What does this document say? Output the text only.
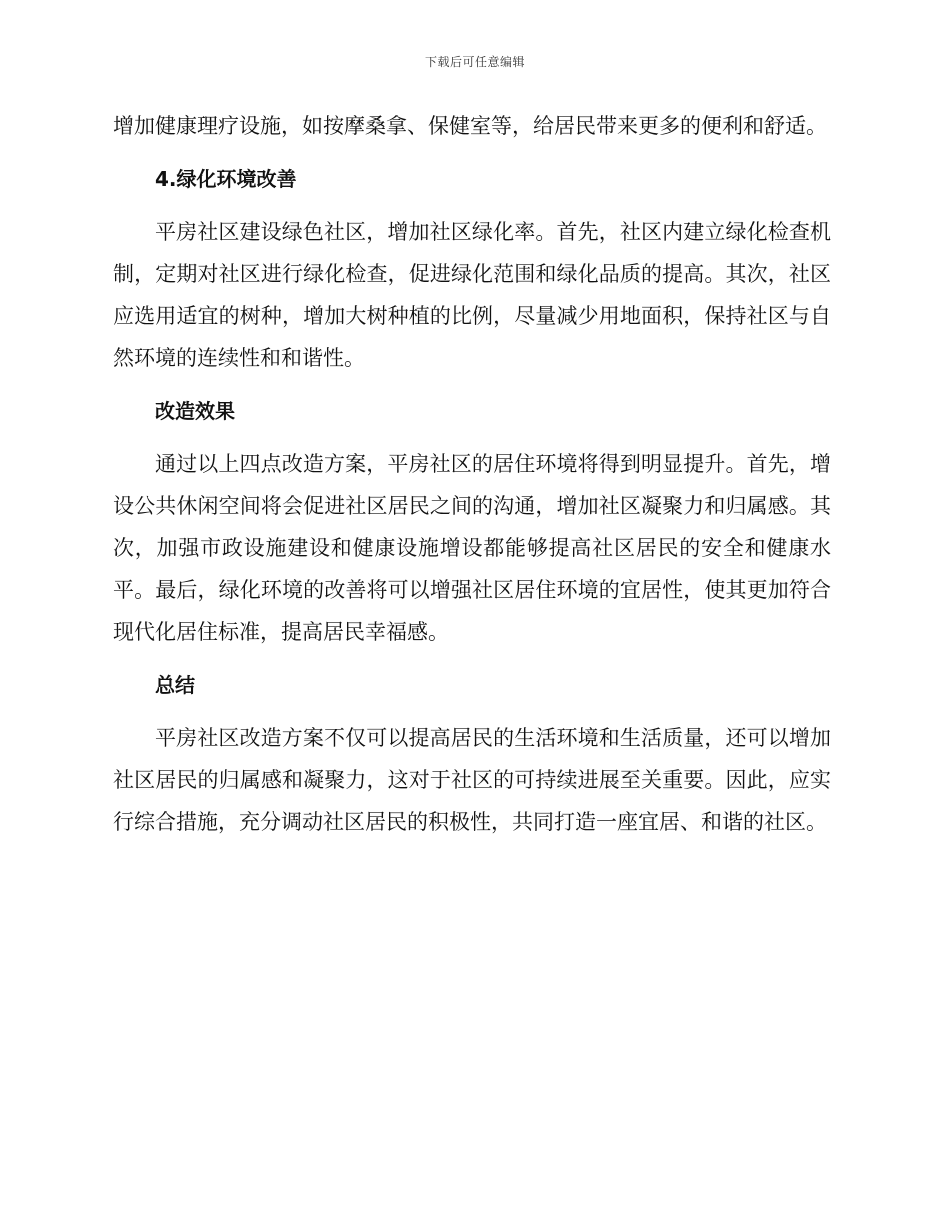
下载后可任意编辑

增加健康理疗设施，如按摩桑拿、保健室等，给居民带来更多的便利和舒适。

4.绿化环境改善

平房社区建设绿色社区，增加社区绿化率。首先，社区内建立绿化检查机制，定期对社区进行绿化检查，促进绿化范围和绿化品质的提高。其次，社区应选用适宜的树种，增加大树种植的比例，尽量减少用地面积，保持社区与自然环境的连续性和和谐性。

改造效果

通过以上四点改造方案，平房社区的居住环境将得到明显提升。首先，增设公共休闲空间将会促进社区居民之间的沟通，增加社区凝聚力和归属感。其次，加强市政设施建设和健康设施增设都能够提高社区居民的安全和健康水平。最后，绿化环境的改善将可以增强社区居住环境的宜居性，使其更加符合现代化居住标准，提高居民幸福感。

总结

平房社区改造方案不仅可以提高居民的生活环境和生活质量，还可以增加社区居民的归属感和凝聚力，这对于社区的可持续进展至关重要。因此，应实行综合措施，充分调动社区居民的积极性，共同打造一座宜居、和谐的社区。
